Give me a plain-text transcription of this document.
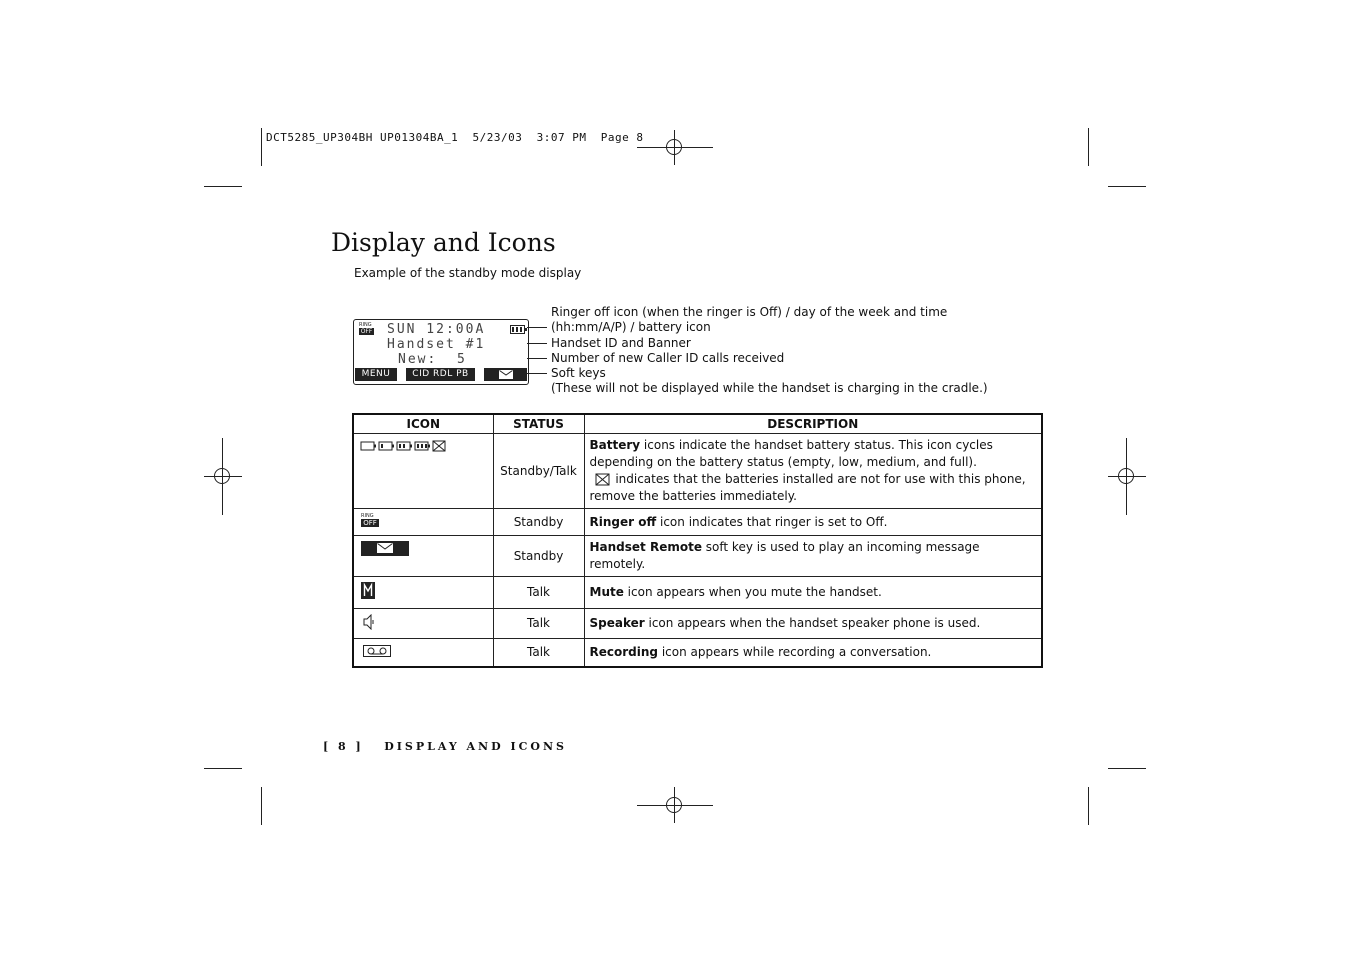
DCT5285_UP304BH UP01304BA_1  5/23/03  3:07 PM  Page 8
Display and Icons
Example of the standby mode display
RING
OFF SUN 12:00A
Handset #1
New:  5
MENU	CID RDL PB
Ringer off icon (when the ringer is Off) / day of the week and time
(hh:mm/A/P) / battery icon
Handset ID and Banner
Number of new Caller ID calls received
Soft keys
(These will not be displayed while the handset is charging in the cradle.)
ICON	STATUS	DESCRIPTION
	Standby/Talk	Battery icons indicate the handset battery status. This icon cycles depending on the battery status (empty, low, medium, and full).
indicates that the batteries installed are not for use with this phone, remove the batteries immediately.

RING
OFF	Standby	Ringer off icon indicates that ringer is set to Off.

	Standby	Handset Remote soft key is used to play an incoming message remotely.
	Talk	Mute icon appears when you mute the handset.
	Talk	Speaker icon appears when the handset speaker phone is used.
	Talk	Recording icon appears while recording a conversation.
[ 8 ]   DISPLAY AND ICONS
